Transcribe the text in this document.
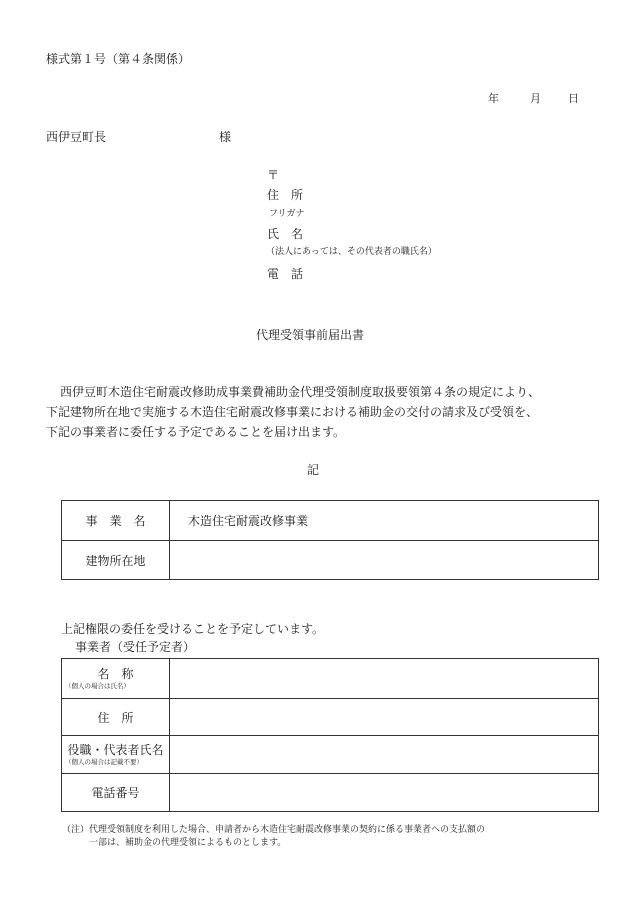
様式第１号（第４条関係）
年	月 日
西伊豆町長	様
〒
住　所
フリガナ
氏　名
（法人にあっては、その代表者の職氏名）
電　話
代理受領事前届出書

西伊豆町木造住宅耐震改修助成事業費補助金代理受領制度取扱要領第４条の規定により、

下記建物所在地で実施する木造住宅耐震改修事業における補助金の交付の請求及び受領を、

下記の事業者に委任する予定であることを届け出ます。

記
事　業　名	木造住宅耐震改修事業
建物所在地	
上記権限の委任を受けることを予定しています。
事業者（受任予定者）
名　称
（個人の場合は氏名）	

住　所	

役職・代表者氏名
（個人の場合は記載不要）	

電話番号	

（注）代理受領制度を利用した場合、申請者から木造住宅耐震改修事業の契約に係る事業者への支払額の

一部は、補助金の代理受領によるものとします。
